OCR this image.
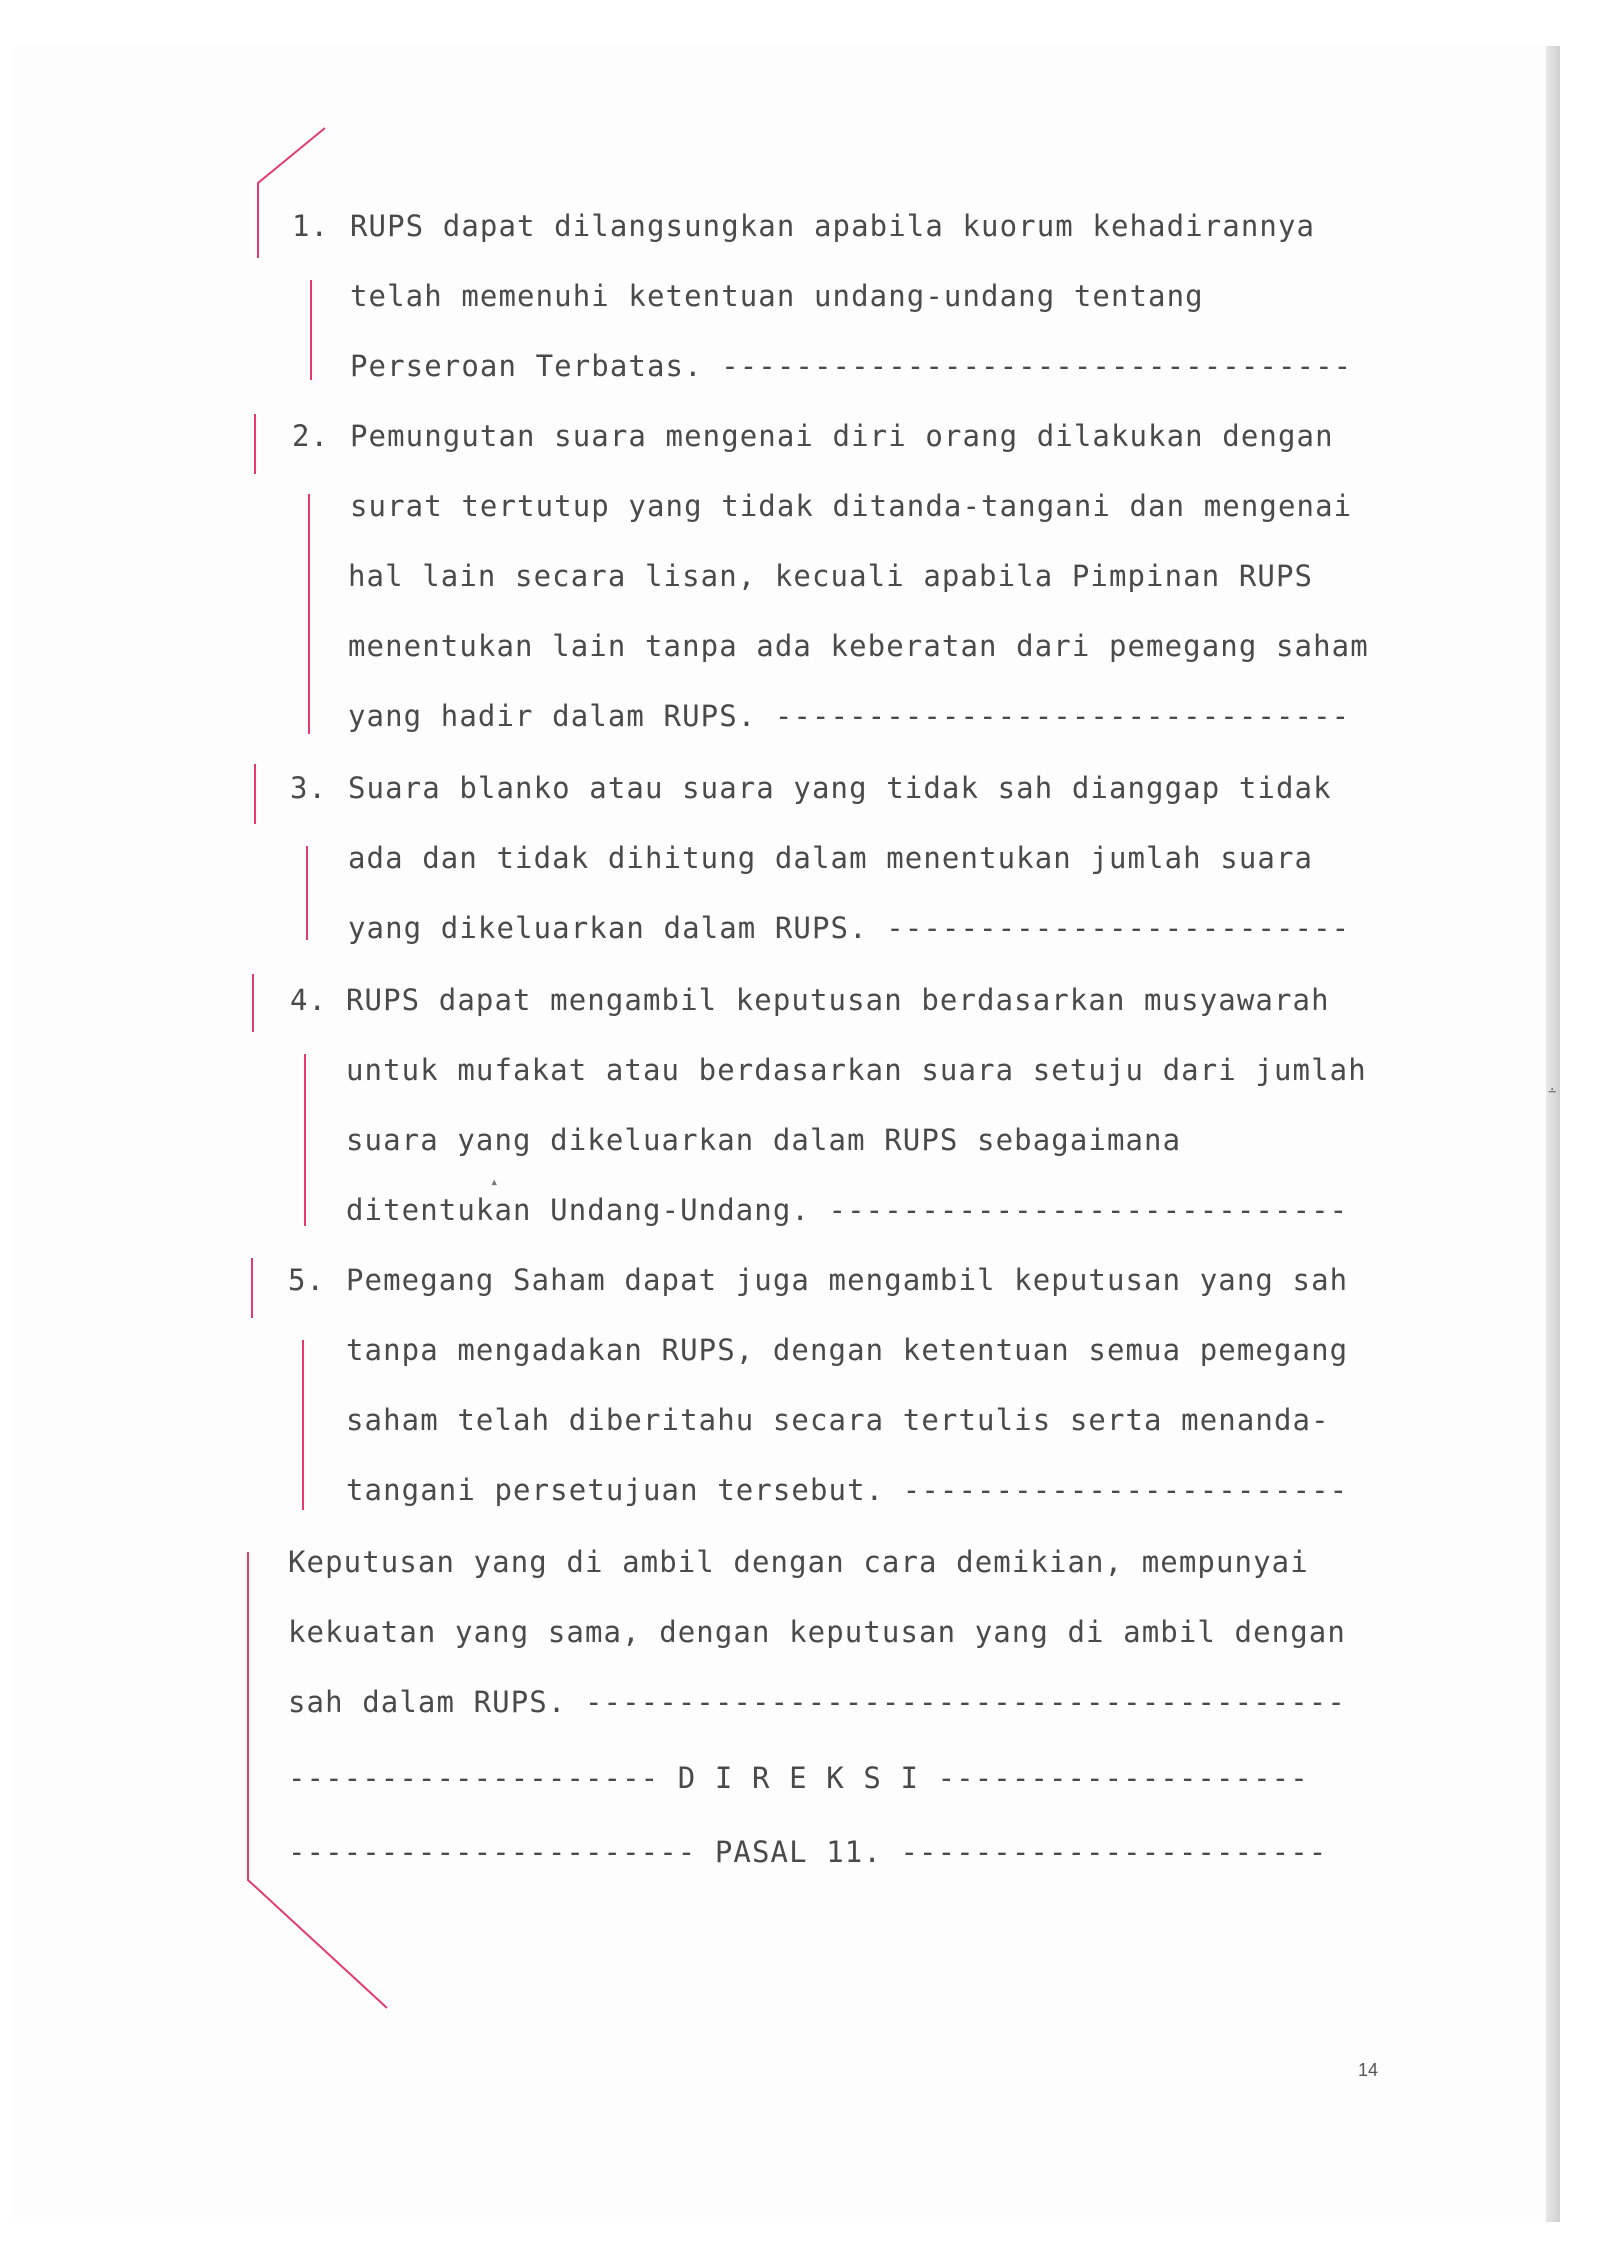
1. RUPS dapat dilangsungkan apabila kuorum kehadirannya
telah memenuhi ketentuan undang-undang tentang
Perseroan Terbatas. ----------------------------------
2. Pemungutan suara mengenai diri orang dilakukan dengan
surat tertutup yang tidak ditanda-tangani dan mengenai
hal lain secara lisan, kecuali apabila Pimpinan RUPS
menentukan lain tanpa ada keberatan dari pemegang saham
yang hadir dalam RUPS. -------------------------------
3. Suara blanko atau suara yang tidak sah dianggap tidak
ada dan tidak dihitung dalam menentukan jumlah suara
yang dikeluarkan dalam RUPS. -------------------------
4. RUPS dapat mengambil keputusan berdasarkan musyawarah
untuk mufakat atau berdasarkan suara setuju dari jumlah
suara yang dikeluarkan dalam RUPS sebagaimana
ditentukan Undang-Undang. ----------------------------
5. Pemegang Saham dapat juga mengambil keputusan yang sah
tanpa mengadakan RUPS, dengan ketentuan semua pemegang
saham telah diberitahu secara tertulis serta menanda-
tangani persetujuan tersebut. ------------------------
Keputusan yang di ambil dengan cara demikian, mempunyai
kekuatan yang sama, dengan keputusan yang di ambil dengan
sah dalam RUPS. -----------------------------------------
-------------------- D I R E K S I --------------------
---------------------- PASAL 11. -----------------------
14
▴
∸
